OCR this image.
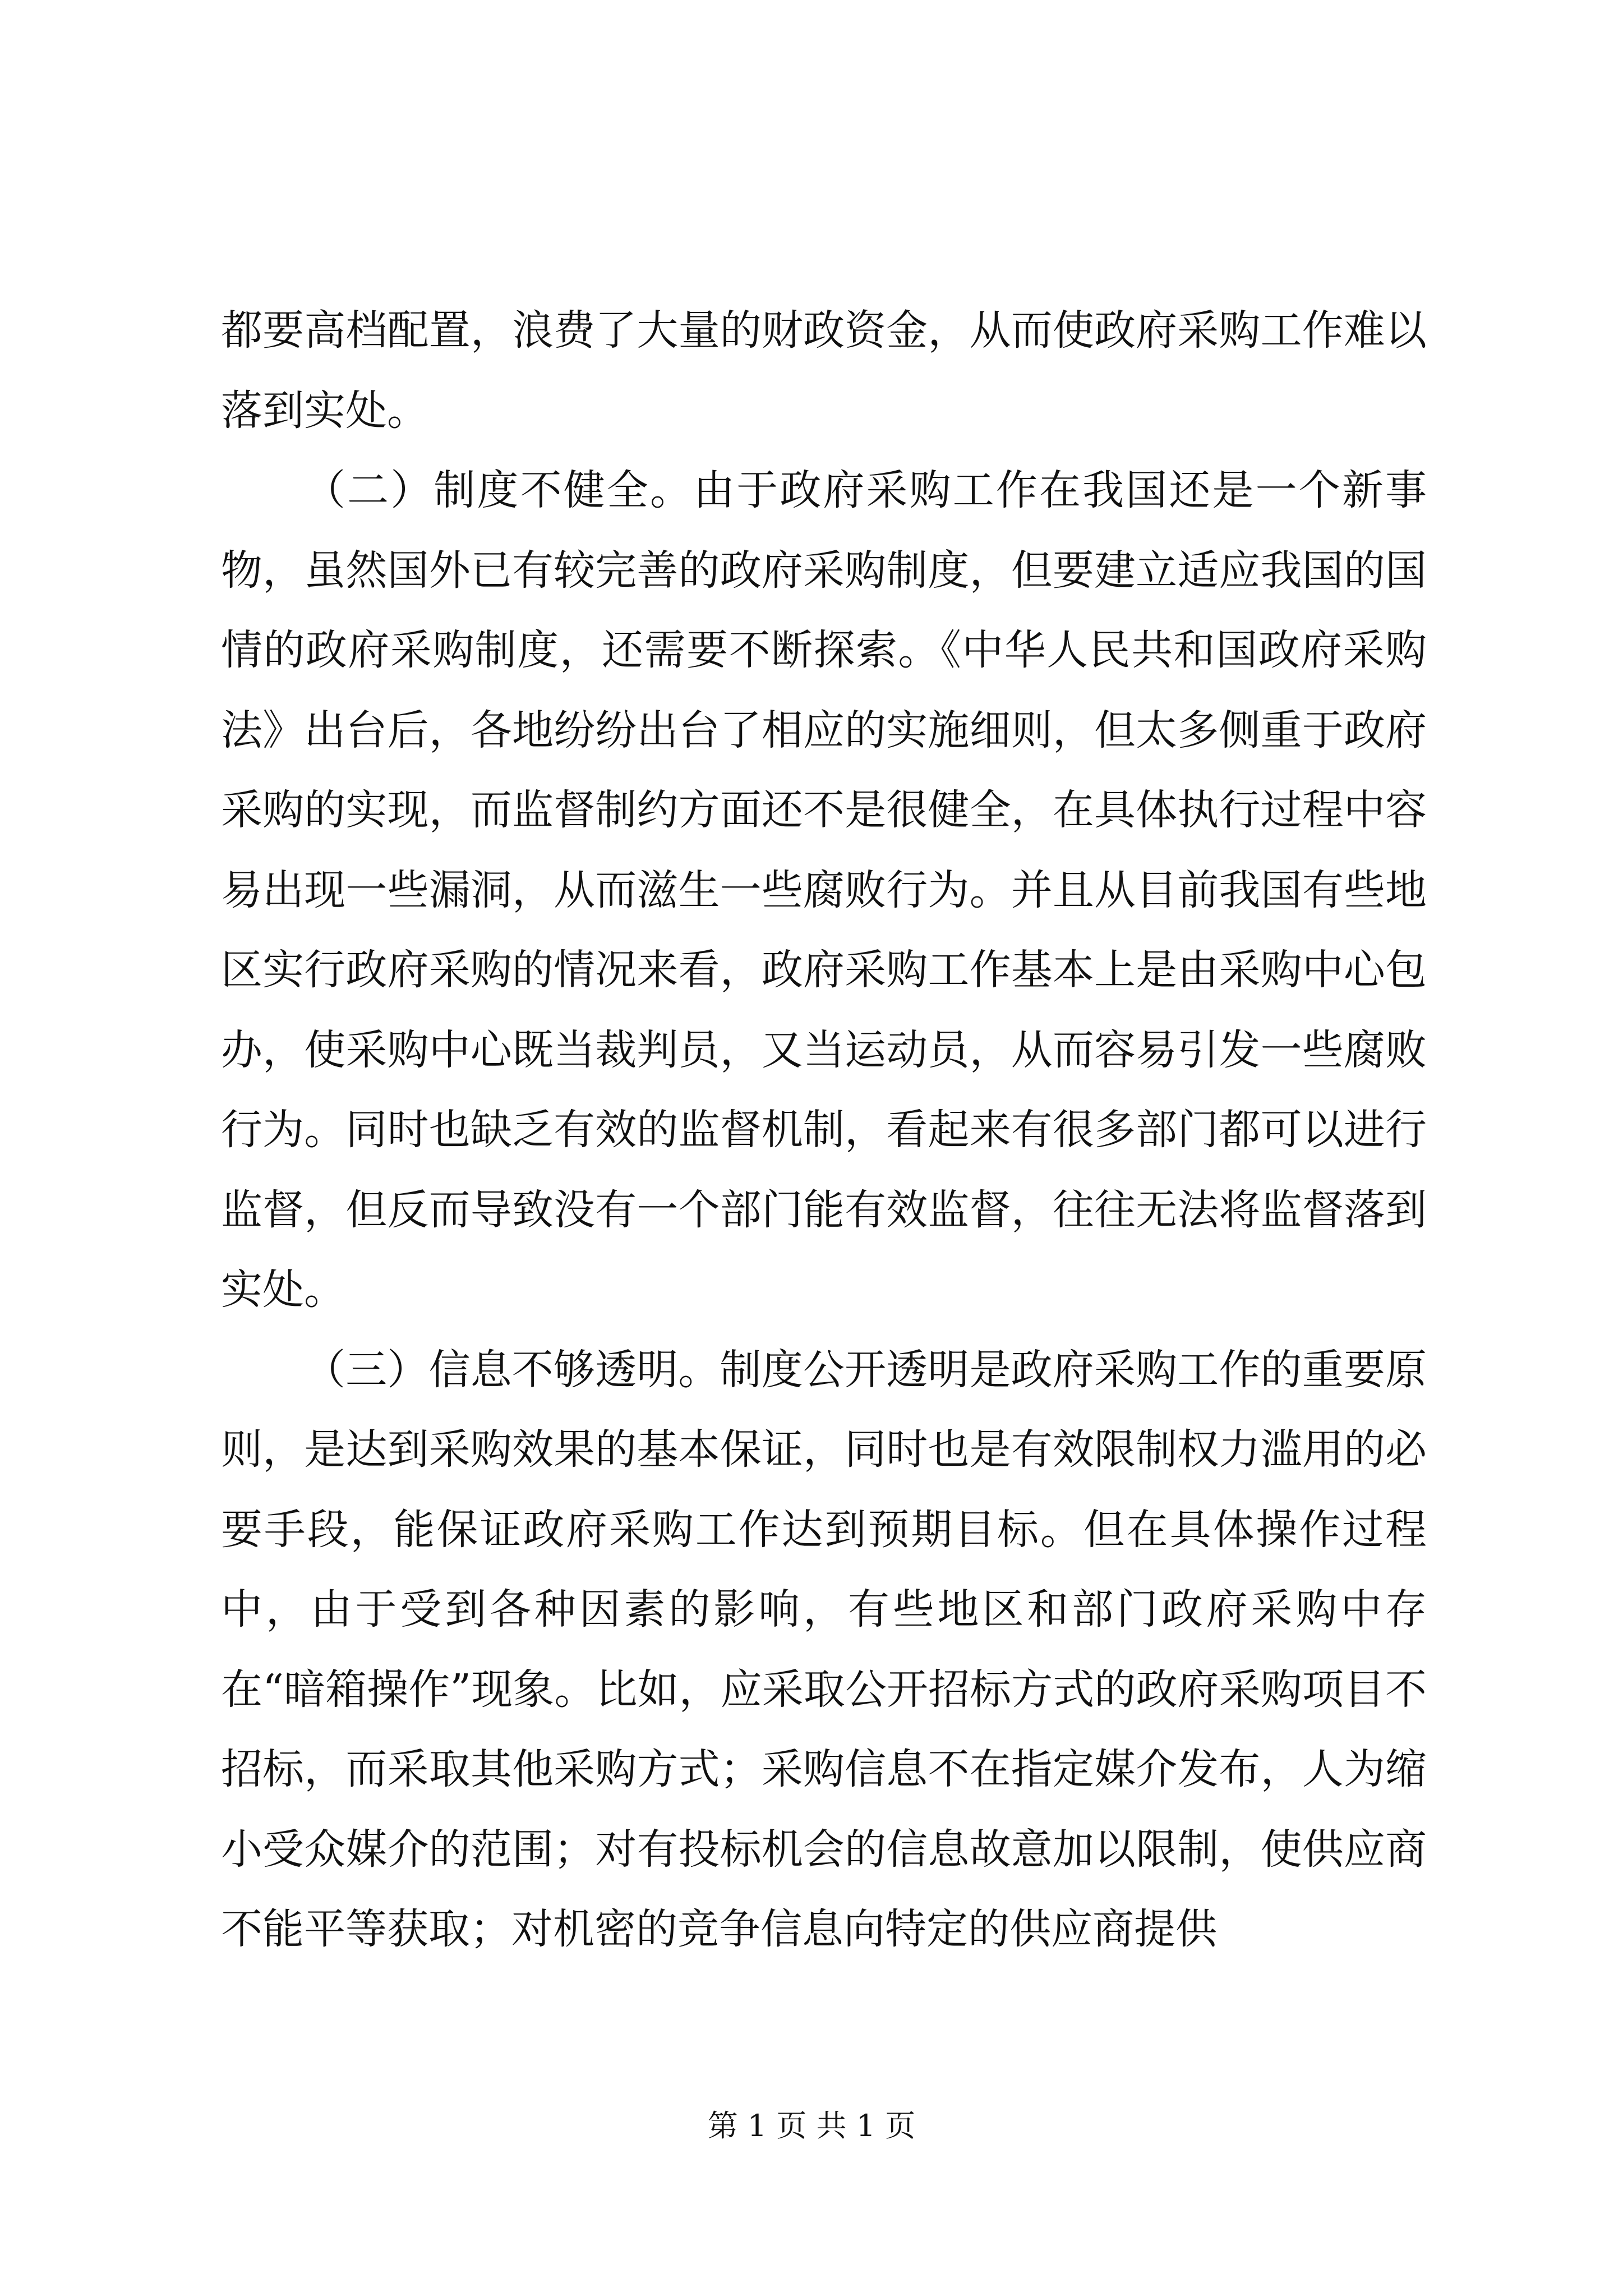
都要高档配置，浪费了大量的财政资金，从而使政府采购工作难以落到实处。

（二）制度不健全。由于政府采购工作在我国还是一个新事物，虽然国外已有较完善的政府采购制度，但要建立适应我国的国情的政府采购制度，还需要不断探索。《中华人民共和国政府采购法》出台后，各地纷纷出台了相应的实施细则，但太多侧重于政府采购的实现，而监督制约方面还不是很健全，在具体执行过程中容易出现一些漏洞，从而滋生一些腐败行为。并且从目前我国有些地区实行政府采购的情况来看，政府采购工作基本上是由采购中心包办，使采购中心既当裁判员，又当运动员，从而容易引发一些腐败行为。同时也缺乏有效的监督机制，看起来有很多部门都可以进行监督，但反而导致没有一个部门能有效监督，往往无法将监督落到实处。

（三）信息不够透明。制度公开透明是政府采购工作的重要原则，是达到采购效果的基本保证，同时也是有效限制权力滥用的必要手段，能保证政府采购工作达到预期目标。但在具体操作过程中，由于受到各种因素的影响，有些地区和部门政府采购中存在“暗箱操作”现象。比如，应采取公开招标方式的政府采购项目不招标，而采取其他采购方式；采购信息不在指定媒介发布，人为缩小受众媒介的范围；对有投标机会的信息故意加以限制，使供应商不能平等获取；对机密的竞争信息向特定的供应商提供

第 1 页 共 1 页
